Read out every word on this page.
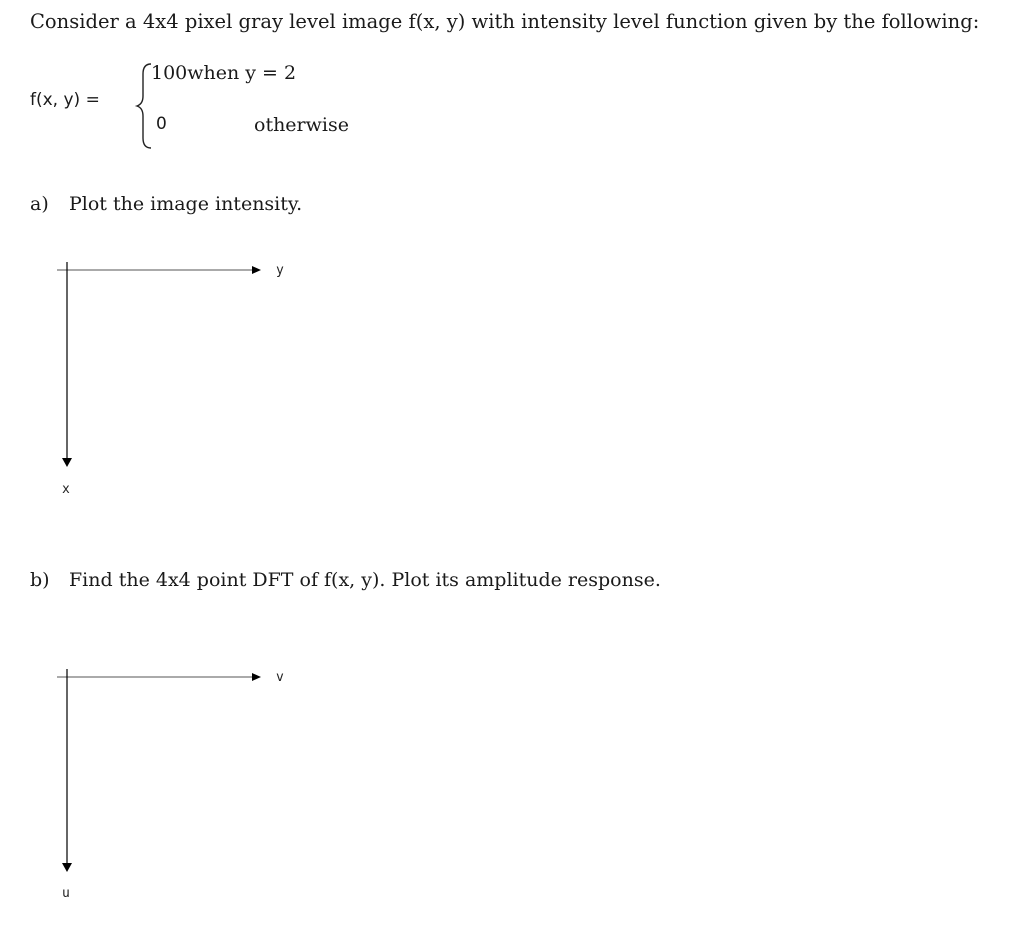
Consider a 4x4 pixel gray level image f(x, y) with intensity level function given by the following:
f(x, y) =
100when y = 2
0	otherwise
a) Plot the image intensity.
y
x
b) Find the 4x4 point DFT of f(x, y). Plot its amplitude response.
v
u
